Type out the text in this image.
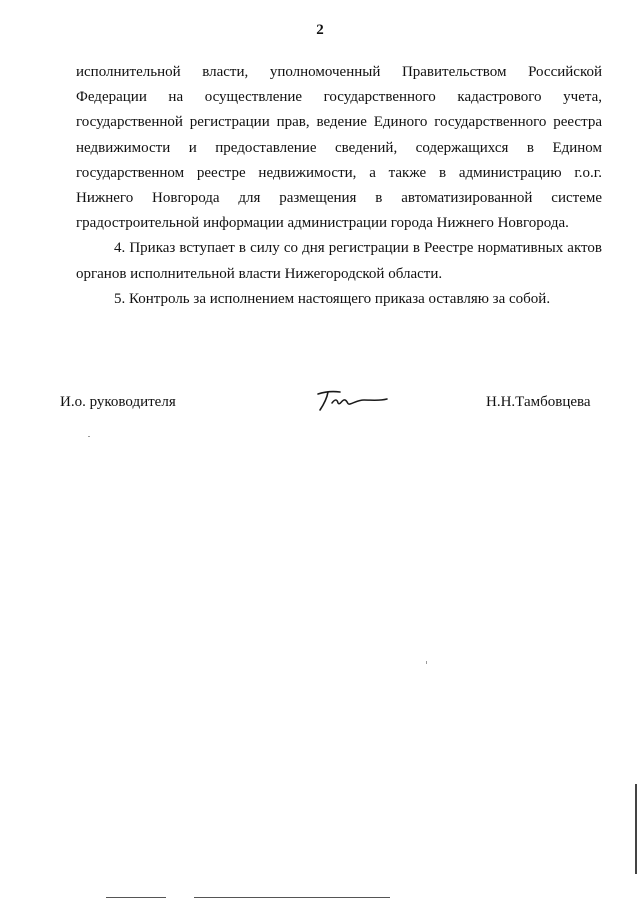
2
исполнительной власти, уполномоченный Правительством Российской
Федерации на осуществление государственного кадастрового учета,
государственной регистрации прав, ведение Единого государственного реестра
недвижимости и предоставление сведений, содержащихся в Едином
государственном реестре недвижимости, а также в администрацию г.о.г.
Нижнего Новгорода для размещения в автоматизированной системе
градостроительной информации администрации города Нижнего Новгорода.
4. Приказ вступает в силу со дня регистрации в Реестре нормативных актов
органов исполнительной власти Нижегородской области.
5. Контроль за исполнением настоящего приказа оставляю за собой.
И.о. руководителя	Н.Н.Тамбовцева
